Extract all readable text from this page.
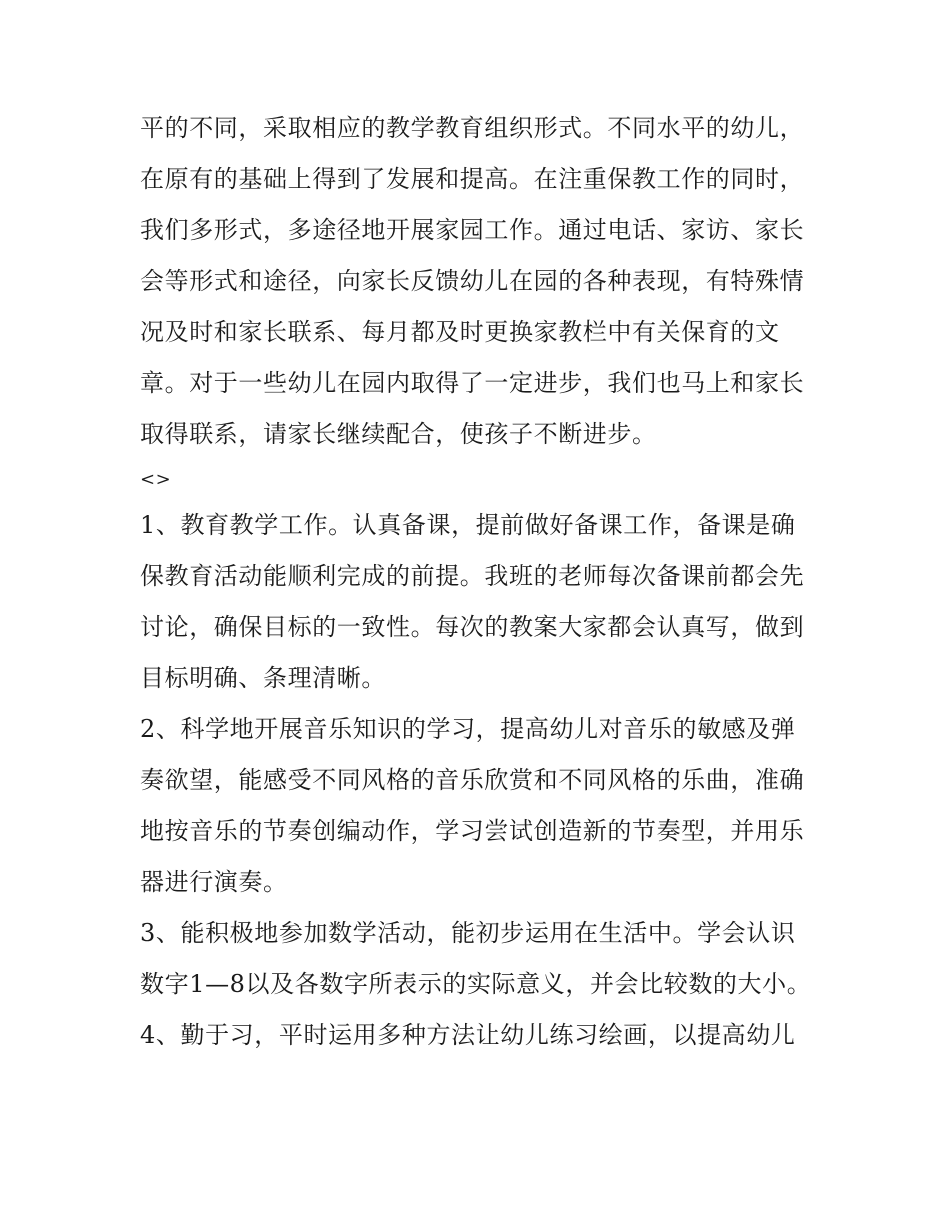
平的不同，采取相应的教学教育组织形式。不同水平的幼儿，在原有的基础上得到了发展和提高。在注重保教工作的同时，我们多形式，多途径地开展家园工作。通过电话、家访、家长会等形式和途径，向家长反馈幼儿在园的各种表现，有特殊情况及时和家长联系、每月都及时更换家教栏中有关保育的文章。对于一些幼儿在园内取得了一定进步，我们也马上和家长取得联系，请家长继续配合，使孩子不断进步。

<>

1、教育教学工作。认真备课，提前做好备课工作，备课是确保教育活动能顺利完成的前提。我班的老师每次备课前都会先讨论，确保目标的一致性。每次的教案大家都会认真写，做到目标明确、条理清晰。

2、科学地开展音乐知识的学习，提高幼儿对音乐的敏感及弹奏欲望，能感受不同风格的音乐欣赏和不同风格的乐曲，准确地按音乐的节奏创编动作，学习尝试创造新的节奏型，并用乐器进行演奏。

3、能积极地参加数学活动，能初步运用在生活中。学会认识数字1—8以及各数字所表示的实际意义，并会比较数的大小。

4、勤于习，平时运用多种方法让幼儿练习绘画，以提高幼儿
